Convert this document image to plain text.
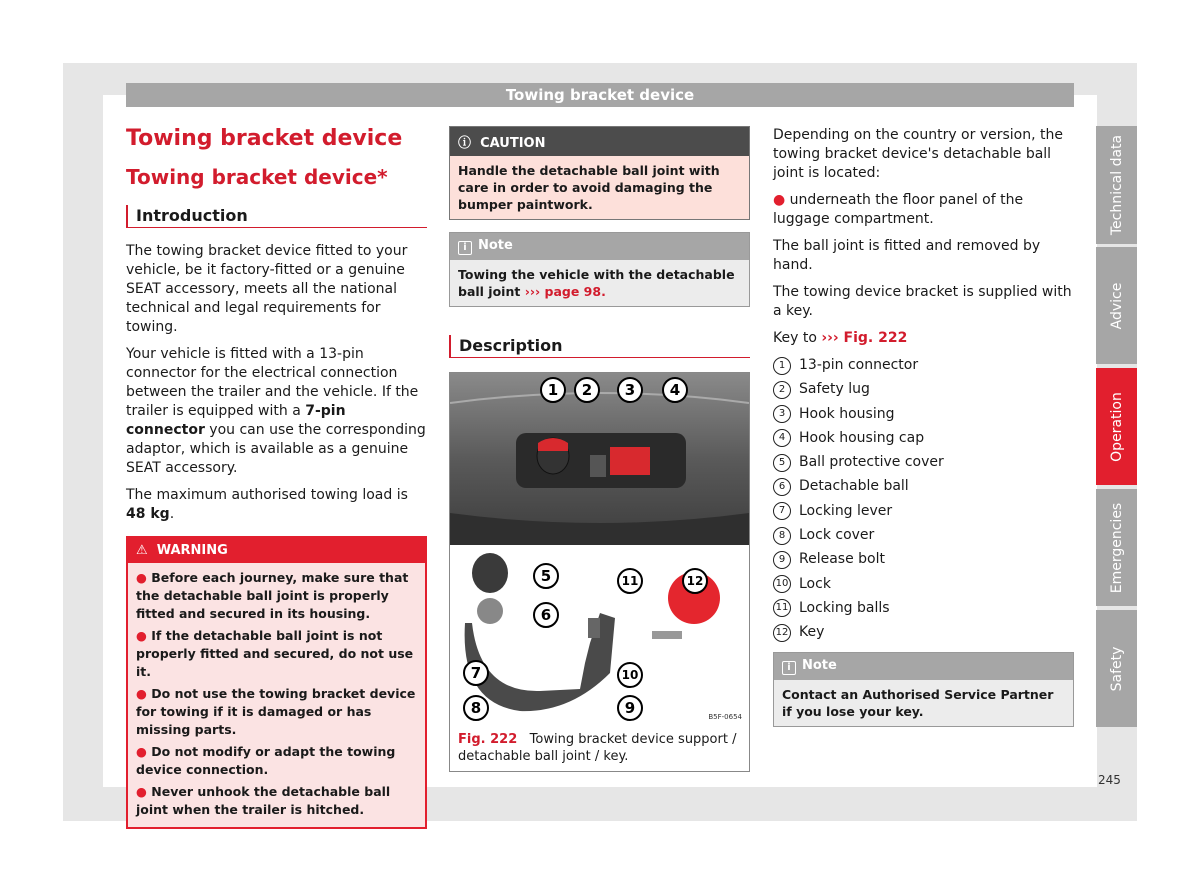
Towing bracket device
Towing bracket device
Towing bracket device*
Introduction

The towing bracket device fitted to your vehicle, be it factory-fitted or a genuine SEAT accessory, meets all the national technical and legal requirements for towing.

Your vehicle is fitted with a 13-pin connector for the electrical connection between the trailer and the vehicle. If the trailer is equipped with a 7-pin connector you can use the corresponding adaptor, which is available as a genuine SEAT accessory.

The maximum authorised towing load is
48 kg.

⚠ WARNING
● Before each journey, make sure that the detachable ball joint is properly fitted and secured in its housing.
● If the detachable ball joint is not properly fitted and secured, do not use it.
● Do not use the towing bracket device for towing if it is damaged or has missing parts.
● Do not modify or adapt the towing device connection.
● Never unhook the detachable ball joint when the trailer is hitched.
ⓘ CAUTION
Handle the detachable ball joint with care in order to avoid damaging the bumper paintwork.
i Note
Towing the vehicle with the detachable ball joint ››› page 98.
Description
1 2 3 4
5
6
7
8	9
10
11	12
B5F-0654
Fig. 222 Towing bracket device support / detachable ball joint / key.

Depending on the country or version, the towing bracket device's detachable ball joint is located:

● underneath the floor panel of the luggage compartment.

The ball joint is fitted and removed by hand.

The towing device bracket is supplied with a key.

Key to ››› Fig. 222

1 13-pin connector
2 Safety lug
3 Hook housing
4 Hook housing cap
5 Ball protective cover
6 Detachable ball
7 Locking lever
8 Lock cover
9 Release bolt
10 Lock
11 Locking balls
12 Key
i Note
Contact an Authorised Service Partner if you lose your key.
Technical data
Advice
Operation
Emergencies
Safety
245
